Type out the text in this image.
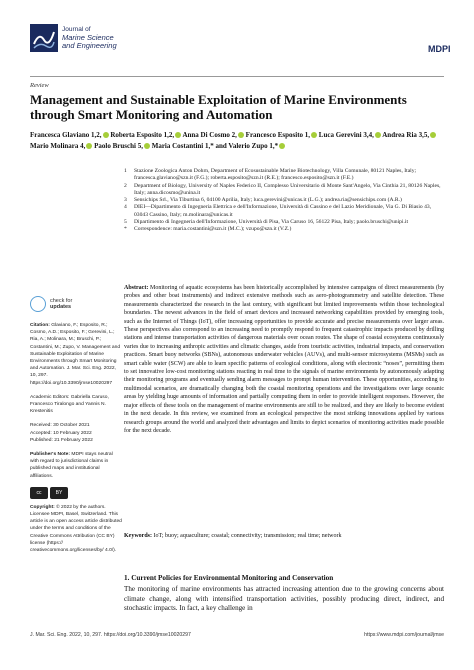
Journal of
Marine Science
and Engineering	MDPI
Review
Management and Sustainable Exploitation of Marine Environments through Smart Monitoring and Automation
Francesca Glaviano 1,2, Roberta Esposito 1,2, Anna Di Cosmo 2, Francesco Esposito 1, Luca Gerevini 3,4, Andrea Ria 3,5, Mario Molinara 4, Paolo Bruschi 5, Maria Costantini 1,* and Valerio Zupo 1,*
1 Stazione Zoologica Anton Dohrn, Department of Ecosustainable Marine Biotechnology, Villa Comunale, 80121 Naples, Italy; francesca.glaviano@szn.it (F.G.); roberta.esposito@szn.it (R.E.); francesco.esposito@szn.it (F.E.)
2 Department of Biology, University of Naples Federico II, Complesso Universitario di Monte Sant'Angelo, Via Cinthia 21, 80126 Naples, Italy; anna.dicosmo@unina.it
3 Sensichips Srl., Via Tiburtina 6, 04100 Aprilia, Italy; luca.gerevini@unicas.it (L.G.); andrea.ria@sensichips.com (A.R.)
4 DIEI—Dipartimento di Ingegneria Elettrica e dell'Informazione, Università di Cassino e del Lazio Meridionale, Via G. Di Biasio 43, 03043 Cassino, Italy; m.molinara@unicas.it
5 Dipartimento di Ingegneria dell'Informazione, Università di Pisa, Via Caruso 16, 56122 Pisa, Italy; paolo.bruschi@unipi.it
* Correspondence: maria.costantini@szn.it (M.C.); vzupo@szn.it (V.Z.)
check for
updates
Citation: Glaviano, F.; Esposito, R.; Cosmo, A.D.; Esposito, F.; Gerevini, L.; Ria, A.; Molinara, M.; Bruschi, P.; Costantini, M.; Zupo, V. Management and Sustainable Exploitation of Marine Environments through Smart Monitoring and Automation. J. Mar. Sci. Eng. 2022, 10, 297. https://doi.org/10.3390/jmse10020297
Academic Editors: Gabriella Caruso, Francesco Tiralongo and Yannis N. Krestenitis
Received: 30 October 2021
Accepted: 10 February 2022
Published: 21 February 2022
Publisher's Note: MDPI stays neutral with regard to jurisdictional claims in published maps and institutional affiliations.
cc	BY
Copyright: © 2022 by the authors. Licensee MDPI, Basel, Switzerland. This article is an open access article distributed under the terms and conditions of the Creative Commons Attribution (CC BY) license (https:// creativecommons.org/licenses/by/ 4.0/).
Abstract: Monitoring of aquatic ecosystems has been historically accomplished by intensive campaigns of direct measurements (by probes and other boat instruments) and indirect extensive methods such as aero-photogrammetry and satellite detection. These measurements characterized the research in the last century, with significant but limited improvements within those technological boundaries. The newest advances in the field of smart devices and increased networking capabilities provided by emerging tools, such as the Internet of Things (IoT), offer increasing opportunities to provide accurate and precise measurements over larger areas. These perspectives also correspond to an increasing need to promptly respond to frequent catastrophic impacts produced by drilling stations and intense transportation activities of dangerous materials over ocean routes. The shape of coastal ecosystems continuously varies due to increasing anthropic activities and climatic changes, aside from touristic activities, industrial impacts, and conservation practices. Smart buoy networks (SBNs), autonomous underwater vehicles (AUVs), and multi-sensor microsystems (MSMs) such as smart cable water (SCW) are able to learn specific patterns of ecological conditions, along with electronic “noses”, permitting them to set innovative low-cost monitoring stations reacting in real time to the signals of marine environments by autonomously adapting their monitoring programs and eventually sending alarm messages to prompt human intervention. These opportunities, according to multimodal scenarios, are dramatically changing both the coastal monitoring operations and the investigations over large oceanic areas by yielding huge amounts of information and partially computing them in order to provide intelligent responses. However, the major effects of these tools on the management of marine environments are still to be realized, and they are likely to become evident in the next decade. In this review, we examined from an ecological perspective the most striking innovations applied by various research groups around the world and analyzed their advantages and limits to depict scenarios of monitoring activities made possible for the next decade.
Keywords: IoT; buoy; aquaculture; coastal; connectivity; transmission; real time; network
1. Current Policies for Environmental Monitoring and Conservation
The monitoring of marine environments has attracted increasing attention due to the growing concerns about climate change, along with intensified transportation activities, possibly producing direct, indirect, and stochastic impacts. In fact, a key challenge in
J. Mar. Sci. Eng. 2022, 10, 297. https://doi.org/10.3390/jmse10020297	https://www.mdpi.com/journal/jmse
